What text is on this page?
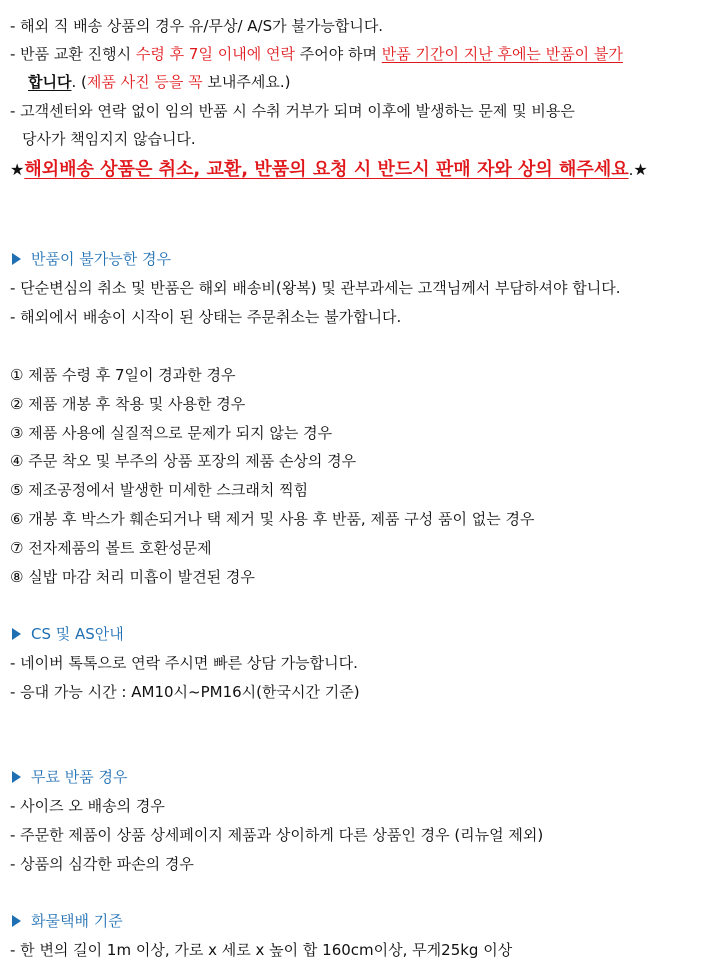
- 해외 직 배송 상품의 경우 유/무상/ A/S가 불가능합니다.
- 반품 교환 진행시 수령 후 7일 이내에 연락 주어야 하며 반품 기간이 지난 후에는 반품이 불가
합니다. (제품 사진 등을 꼭 보내주세요.)
- 고객센터와 연락 없이 임의 반품 시 수취 거부가 되며 이후에 발생하는 문제 및 비용은
당사가 책임지지 않습니다.
★해외배송 상품은 취소, 교환, 반품의 요청 시 반드시 판매 자와 상의 해주세요.★
반품이 불가능한 경우
- 단순변심의 취소 및 반품은 해외 배송비(왕복) 및 관부과세는 고객님께서 부담하셔야 합니다.
- 해외에서 배송이 시작이 된 상태는 주문취소는 불가합니다.
① 제품 수령 후 7일이 경과한 경우
② 제품 개봉 후 착용 및 사용한 경우
③ 제품 사용에 실질적으로 문제가 되지 않는 경우
④ 주문 착오 및 부주의 상품 포장의 제품 손상의 경우
⑤ 제조공정에서 발생한 미세한 스크래치 찍힘
⑥ 개봉 후 박스가 훼손되거나 택 제거 및 사용 후 반품, 제품 구성 품이 없는 경우
⑦ 전자제품의 볼트 호환성문제
⑧ 실밥 마감 처리 미흡이 발견된 경우
CS 및 AS안내
- 네이버 톡톡으로 연락 주시면 빠른 상담 가능합니다.
- 응대 가능 시간 : AM10시~PM16시(한국시간 기준)
무료 반품 경우
- 사이즈 오 배송의 경우
- 주문한 제품이 상품 상세페이지 제품과 상이하게 다른 상품인 경우 (리뉴얼 제외)
- 상품의 심각한 파손의 경우
화물택배 기준
- 한 변의 길이 1m 이상, 가로 x 세로 x 높이 합 160cm이상, 무게25kg 이상
